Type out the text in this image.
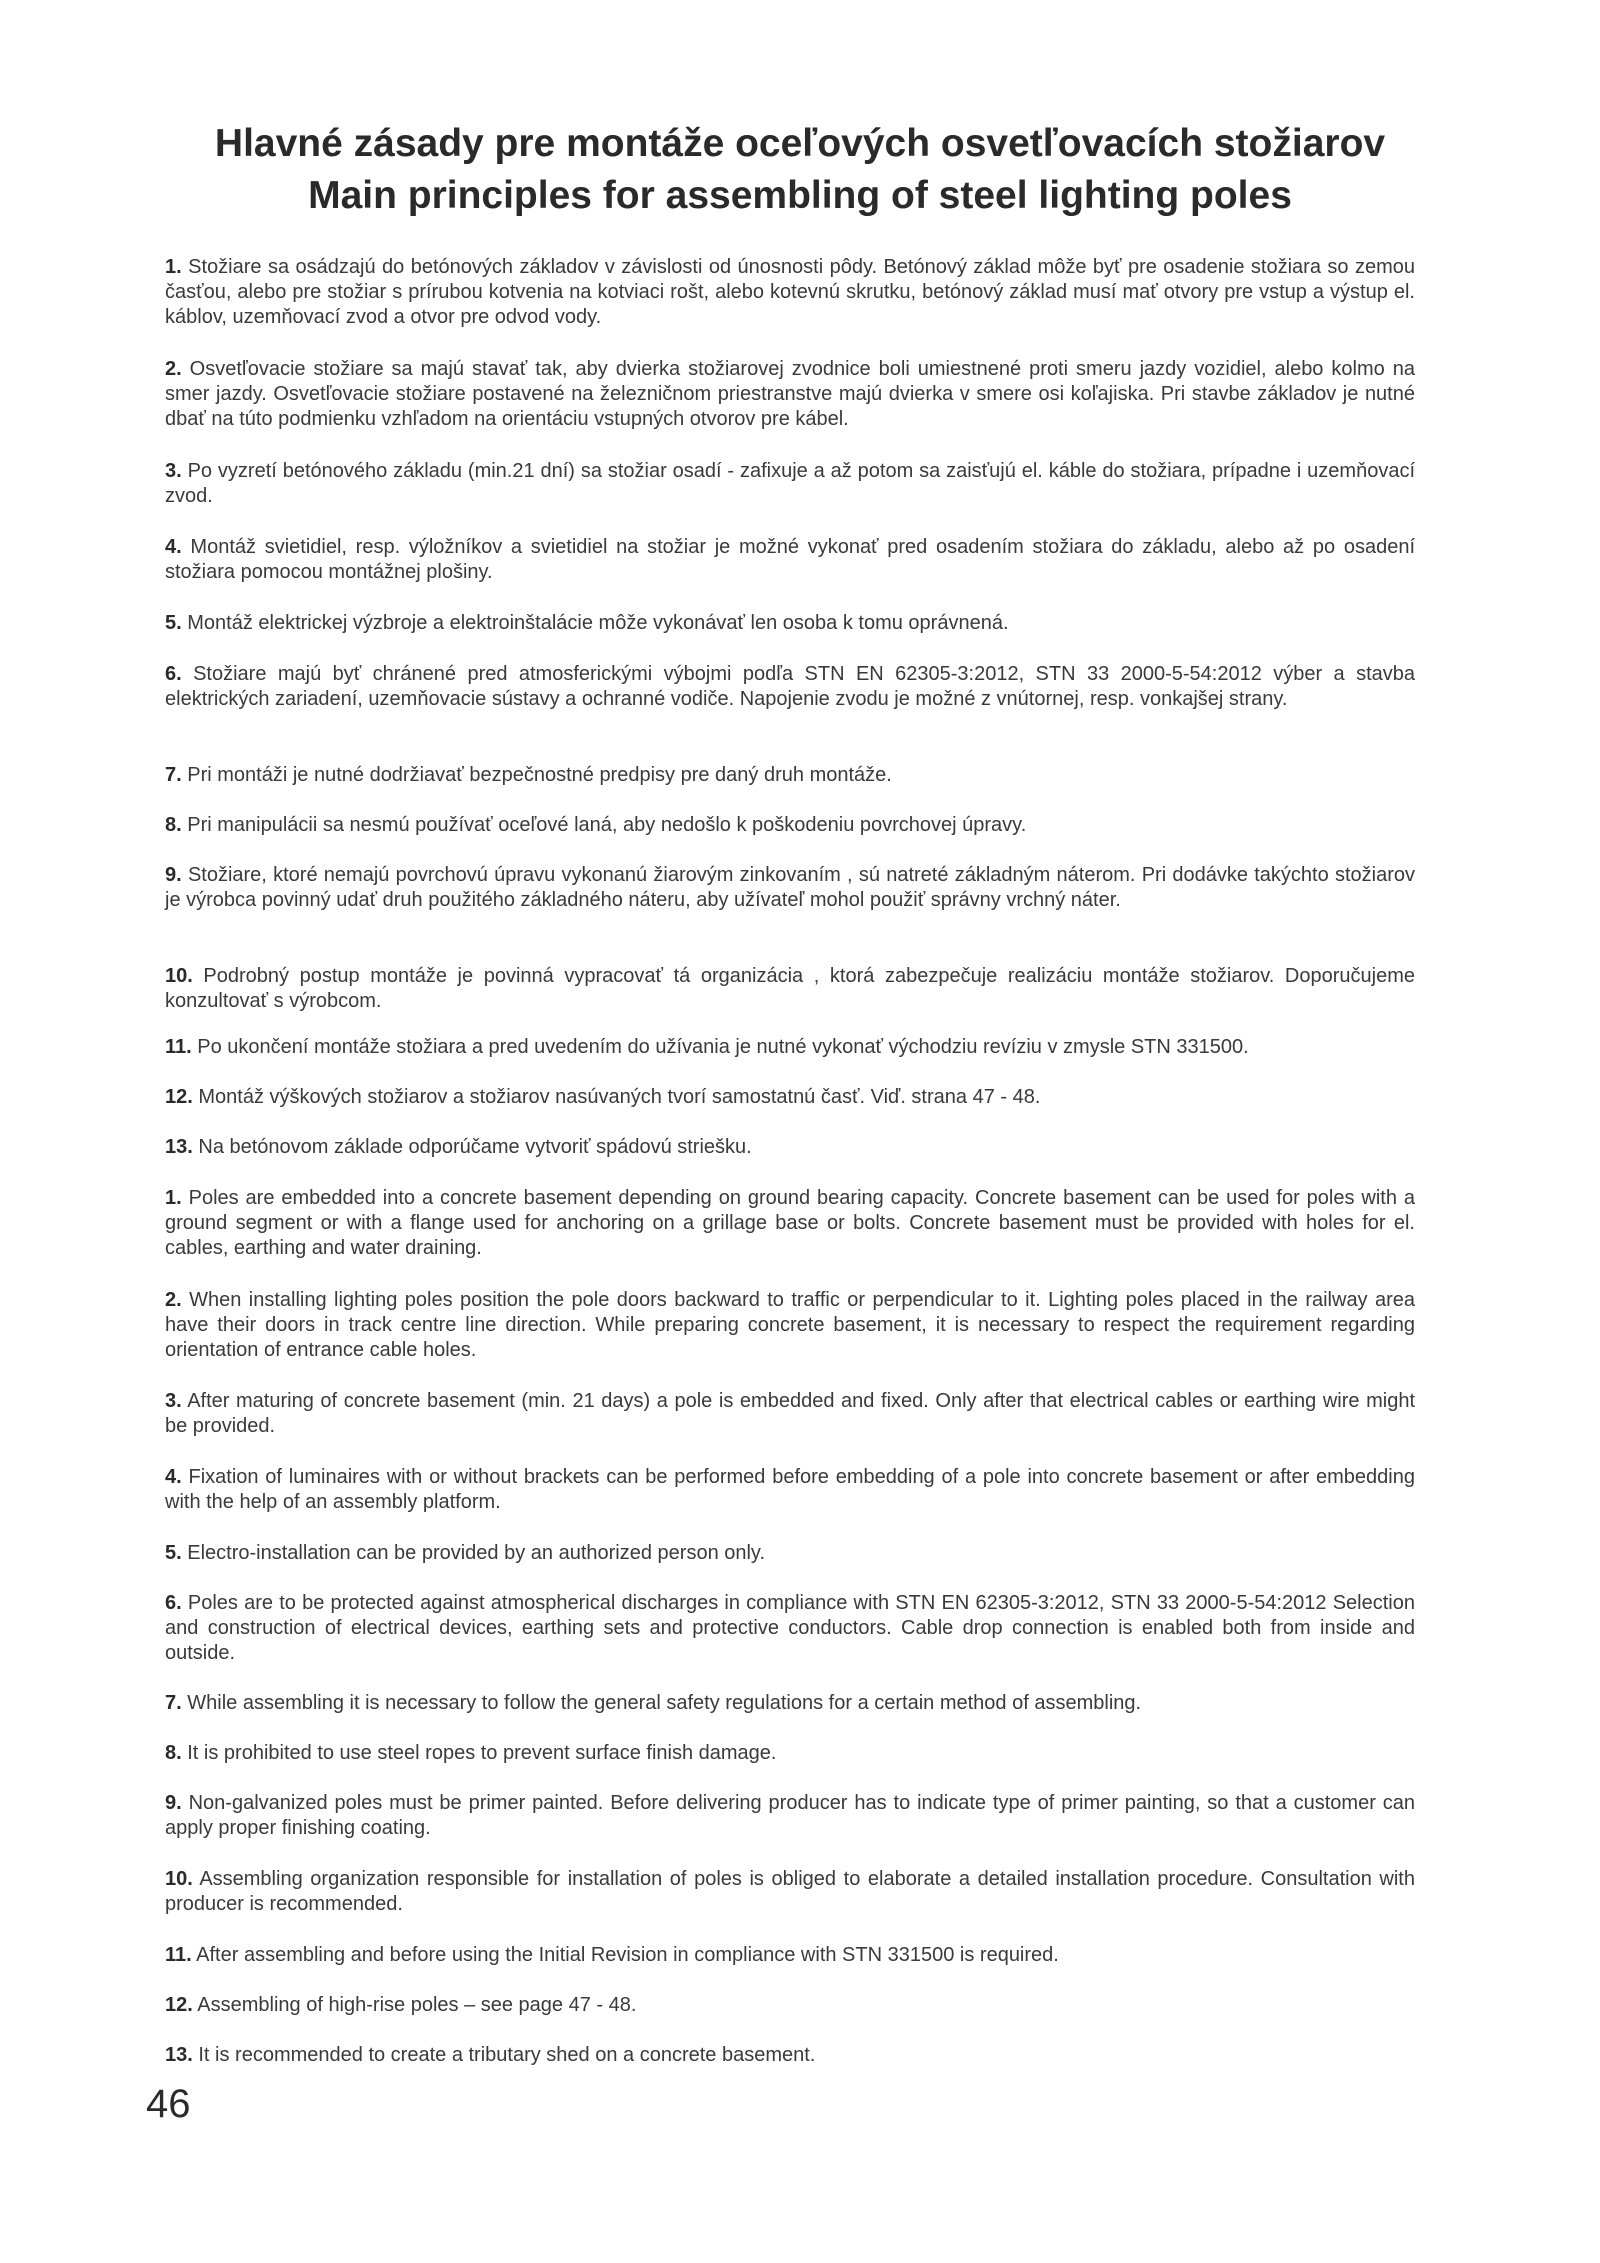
Hlavné zásady pre montáže oceľových osvetľovacích stožiarov
Main principles for assembling of steel lighting poles

1. Stožiare sa osádzajú do betónových základov v závislosti od únosnosti pôdy. Betónový základ môže byť pre osadenie stožiara so zemou časťou, alebo pre stožiar s prírubou kotvenia na kotviaci rošt, alebo kotevnú skrutku, betónový základ musí mať otvory pre vstup a výstup el. káblov, uzemňovací zvod a otvor pre odvod vody.

2. Osvetľovacie stožiare sa majú stavať tak, aby dvierka stožiarovej zvodnice boli umiestnené proti smeru jazdy vozidiel, alebo kolmo na smer jazdy. Osvetľovacie stožiare postavené na železničnom priestranstve majú dvierka v smere osi koľajiska. Pri stavbe základov je nutné dbať na túto podmienku vzhľadom na orientáciu vstupných otvorov pre kábel.

3. Po vyzretí betónového základu (min.21 dní) sa stožiar osadí - zafixuje a až potom sa zaisťujú el. káble do stožiara, prípadne i uzemňovací zvod.

4. Montáž svietidiel, resp. výložníkov a svietidiel na stožiar je možné vykonať pred osadením stožiara do základu, alebo až po osadení stožiara pomocou montážnej plošiny.

5. Montáž elektrickej výzbroje a elektroinštalácie môže vykonávať len osoba k tomu oprávnená.

6. Stožiare majú byť chránené pred atmosferickými výbojmi podľa STN EN 62305-3:2012, STN 33 2000-5-54:2012 výber a stavba elektrických zariadení, uzemňovacie sústavy a ochranné vodiče. Napojenie zvodu je možné z vnútornej, resp. vonkajšej strany.

7. Pri montáži je nutné dodržiavať bezpečnostné predpisy pre daný druh montáže.

8. Pri manipulácii sa nesmú používať oceľové laná, aby nedošlo k poškodeniu povrchovej úpravy.

9. Stožiare, ktoré nemajú povrchovú úpravu vykonanú žiarovým zinkovaním , sú natreté základným náterom. Pri dodávke takýchto stožiarov je výrobca povinný udať druh použitého základného náteru, aby užívateľ mohol použiť správny vrchný náter.

10. Podrobný postup montáže je povinná vypracovať tá organizácia , ktorá zabezpečuje realizáciu montáže stožiarov. Doporučujeme konzultovať s výrobcom.

11. Po ukončení montáže stožiara a pred uvedením do užívania je nutné vykonať východziu revíziu v zmysle STN 331500.

12. Montáž výškových stožiarov a stožiarov nasúvaných tvorí samostatnú časť. Viď. strana 47 - 48.

13. Na betónovom základe odporúčame vytvoriť spádovú striešku.

1. Poles are embedded into a concrete basement depending on ground bearing capacity. Concrete basement can be used for poles with a ground segment or with a flange used for anchoring on a grillage base or bolts. Concrete basement must be provided with holes for el. cables, earthing and water draining.

2. When installing lighting poles position the pole doors backward to traffic or perpendicular to it. Lighting poles placed in the railway area have their doors in track centre line direction. While preparing concrete basement, it is necessary to respect the requirement regarding orientation of entrance cable holes.

3. After maturing of concrete basement (min. 21 days) a pole is embedded and fixed. Only after that electrical cables or earthing wire might be provided.

4. Fixation of luminaires with or without brackets can be performed before embedding of a pole into concrete basement or after embedding with the help of an assembly platform.

5. Electro-installation can be provided by an authorized person only.

6. Poles are to be protected against atmospherical discharges in compliance with STN EN 62305-3:2012, STN 33 2000-5-54:2012 Selection and construction of electrical devices, earthing sets and protective conductors. Cable drop connection is enabled both from inside and outside.

7. While assembling it is necessary to follow the general safety regulations for a certain method of assembling.

8. It is prohibited to use steel ropes to prevent surface finish damage.

9. Non-galvanized poles must be primer painted. Before delivering producer has to indicate type of primer painting, so that a customer can apply proper finishing coating.

10. Assembling organization responsible for installation of poles is obliged to elaborate a detailed installation procedure. Consultation with producer is recommended.

11. After assembling and before using the Initial Revision in compliance with STN 331500 is required.

12. Assembling of high-rise poles – see page 47 - 48.

13. It is recommended to create a tributary shed on a concrete basement.

46
